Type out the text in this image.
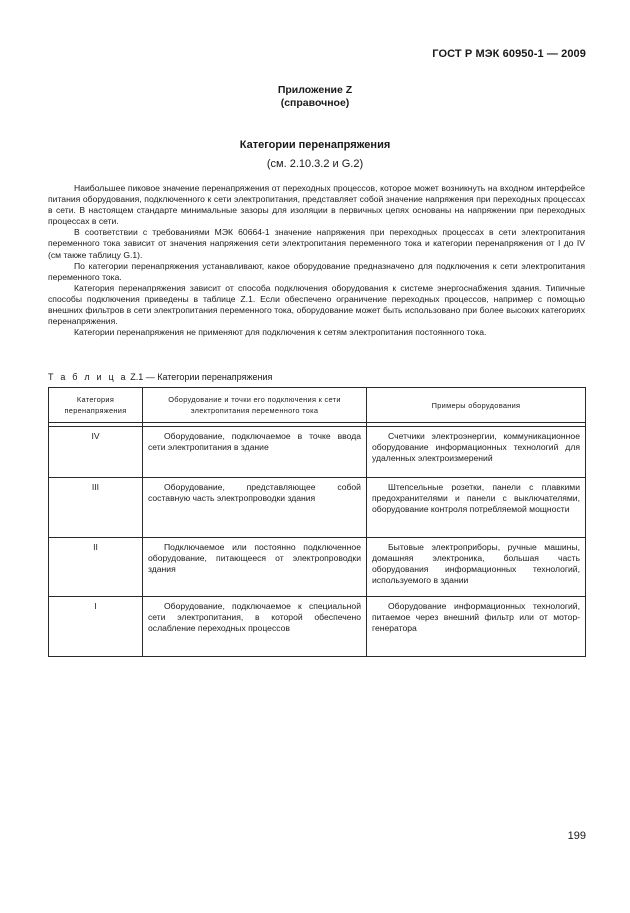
ГОСТ Р МЭК 60950-1 — 2009
Приложение Z
(справочное)
Категории перенапряжения
(см. 2.10.3.2 и G.2)

Наибольшее пиковое значение перенапряжения от переходных процессов, которое может возникнуть на входном интерфейсе питания оборудования, подключенного к сети электропитания, представляет собой значение напряжения при переходных процессах в сети. В настоящем стандарте минимальные зазоры для изоляции в первичных цепях основаны на напряжении при переходных процессах в сети.

В соответствии с требованиями МЭК 60664-1 значение напряжения при переходных процессах в сети электропитания переменного тока зависит от значения напряжения сети электропитания переменного тока и категории перенапряжения от I до IV (см также таблицу G.1).

По категории перенапряжения устанавливают, какое оборудование предназначено для подключения к сети электропитания переменного тока.

Категория перенапряжения зависит от способа подключения оборудования к системе энергоснабжения здания. Типичные способы подключения приведены в таблице Z.1. Если обеспечено ограничение переходных процессов, например с помощью внешних фильтров в сети электропитания переменного тока, оборудование может быть использовано при более высоких категориях перенапряжения.

Категории перенапряжения не применяют для подключения к сетям электропитания постоянного тока.

Т а б л и ц а Z.1 — Категории перенапряжения
Категория перенапряжения	Оборудование и точки его подключения к сети электропитания переменного тока	Примеры оборудования

IV	Оборудование, подключаемое в точке ввода сети электропитания в здание	Счетчики электроэнергии, коммуникационное оборудование информационных технологий для удаленных электроизмерений
III	Оборудование, представляющее собой составную часть электропроводки здания	Штепсельные розетки, панели с плавкими предохранителями и панели с выключателями, оборудование контроля потребляемой мощности
II	Подключаемое или постоянно подключенное оборудование, питающееся от электропроводки здания	Бытовые электроприборы, ручные машины, домашняя электроника, большая часть оборудования информационных технологий, используемого в здании
I	Оборудование, подключаемое к специальной сети электропитания, в которой обеспечено ослабление переходных процессов	Оборудование информационных технологий, питаемое через внешний фильтр или от мотор-генератора
199
